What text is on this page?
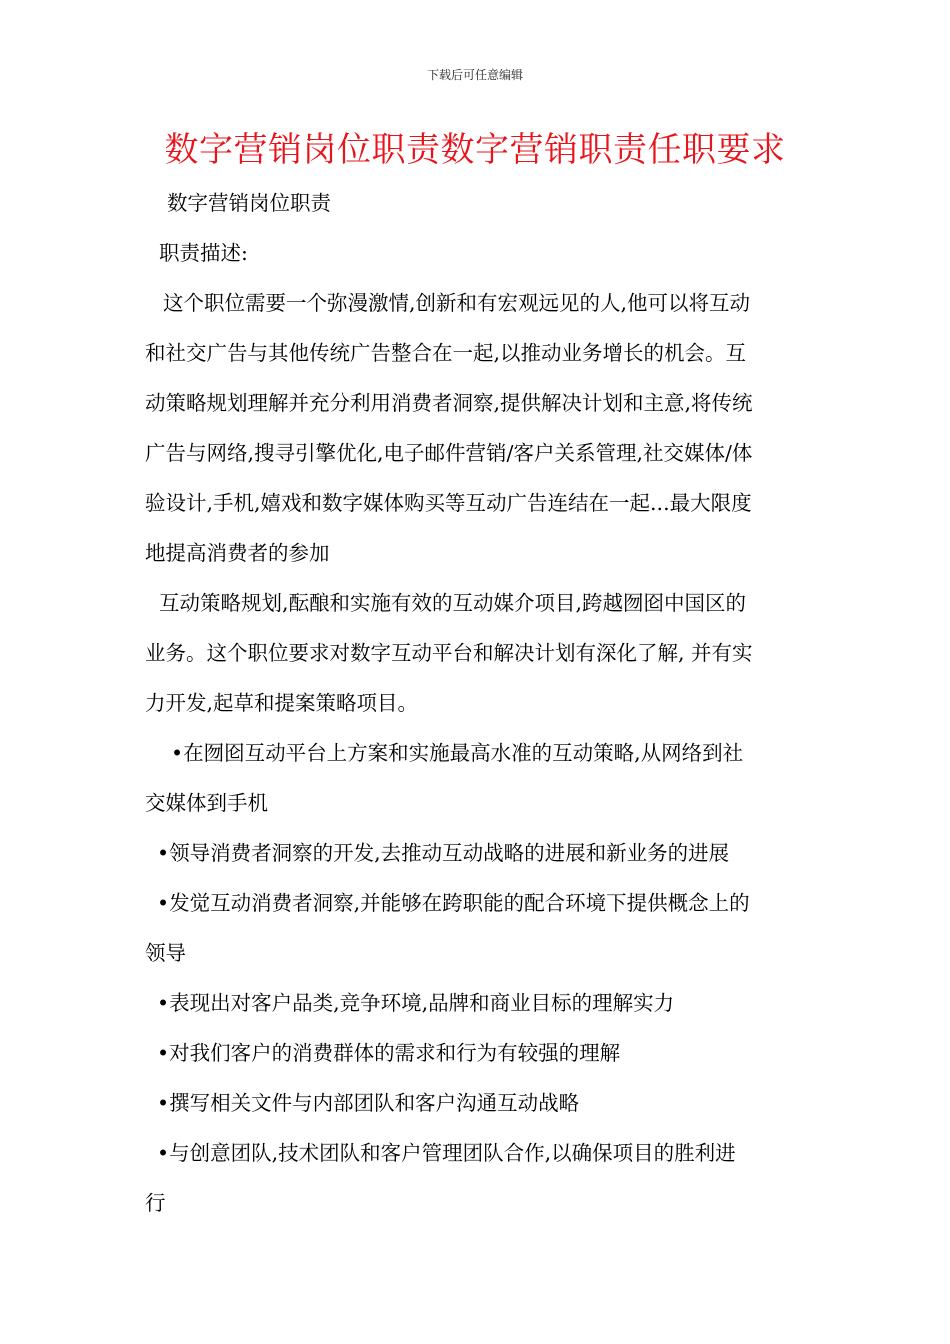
下载后可任意编辑
数字营销岗位职责数字营销职责任职要求

数字营销岗位职责

职责描述:

这个职位需要一个弥漫激情,创新和有宏观远见的人,他可以将互动

和社交广告与其他传统广告整合在一起,以推动业务增长的机会。互

动策略规划理解并充分利用消费者洞察,提供解决计划和主意,将传统

广告与网络,搜寻引擎优化,电子邮件营销/客户关系管理,社交媒体/体

验设计,手机,嬉戏和数字媒体购买等互动广告连结在一起...最大限度

地提高消费者的参加

互动策略规划,酝酿和实施有效的互动媒介项目,跨越囫囵中国区的

业务。这个职位要求对数字互动平台和解决计划有深化了解, 并有实

力开发,起草和提案策略项目。

•在囫囵互动平台上方案和实施最高水准的互动策略,从网络到社

交媒体到手机

•领导消费者洞察的开发,去推动互动战略的进展和新业务的进展

•发觉互动消费者洞察,并能够在跨职能的配合环境下提供概念上的

领导

•表现出对客户品类,竞争环境,品牌和商业目标的理解实力

•对我们客户的消费群体的需求和行为有较强的理解

•撰写相关文件与内部团队和客户沟通互动战略

•与创意团队,技术团队和客户管理团队合作,以确保项目的胜利进

行
